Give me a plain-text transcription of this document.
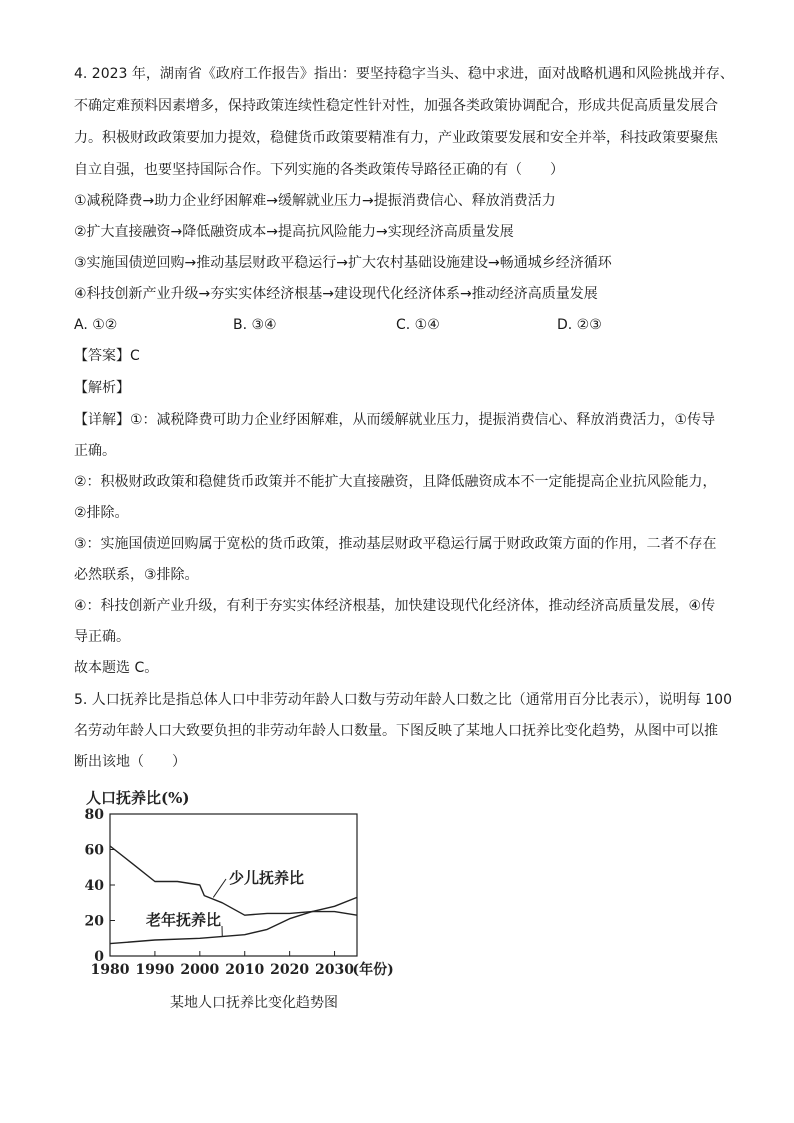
4. 2023 年，湖南省《政府工作报告》指出：要坚持稳字当头、稳中求进，面对战略机遇和风险挑战并存、
不确定难预料因素增多，保持政策连续性稳定性针对性，加强各类政策协调配合，形成共促高质量发展合
力。积极财政政策要加力提效，稳健货币政策要精准有力，产业政策要发展和安全并举，科技政策要聚焦
自立自强，也要坚持国际合作。下列实施的各类政策传导路径正确的有（　　）
①减税降费→助力企业纾困解难→缓解就业压力→提振消费信心、释放消费活力
②扩大直接融资→降低融资成本→提高抗风险能力→实现经济高质量发展
③实施国债逆回购→推动基层财政平稳运行→扩大农村基础设施建设→畅通城乡经济循环
④科技创新产业升级→夯实实体经济根基→建设现代化经济体系→推动经济高质量发展
A. ①②	B. ③④	C. ①④	D. ②③
【答案】C
【解析】
【详解】①：减税降费可助力企业纾困解难，从而缓解就业压力，提振消费信心、释放消费活力，①传导
正确。
②：积极财政政策和稳健货币政策并不能扩大直接融资，且降低融资成本不一定能提高企业抗风险能力，
②排除。
③：实施国债逆回购属于宽松的货币政策，推动基层财政平稳运行属于财政政策方面的作用，二者不存在
必然联系，③排除。
④：科技创新产业升级，有利于夯实实体经济根基，加快建设现代化经济体，推动经济高质量发展，④传
导正确。
故本题选 C。
5. 人口抚养比是指总体人口中非劳动年龄人口数与劳动年龄人口数之比（通常用百分比表示），说明每 100
名劳动年龄人口大致要负担的非劳动年龄人口数量。下图反映了某地人口抚养比变化趋势，从图中可以推
断出该地（　　）
0
20
40
60
80
1980 1990 2000 2010 2020 2030
人口抚养比(%)
(年份)
少儿抚养比
老年抚养比
某地人口抚养比变化趋势图
